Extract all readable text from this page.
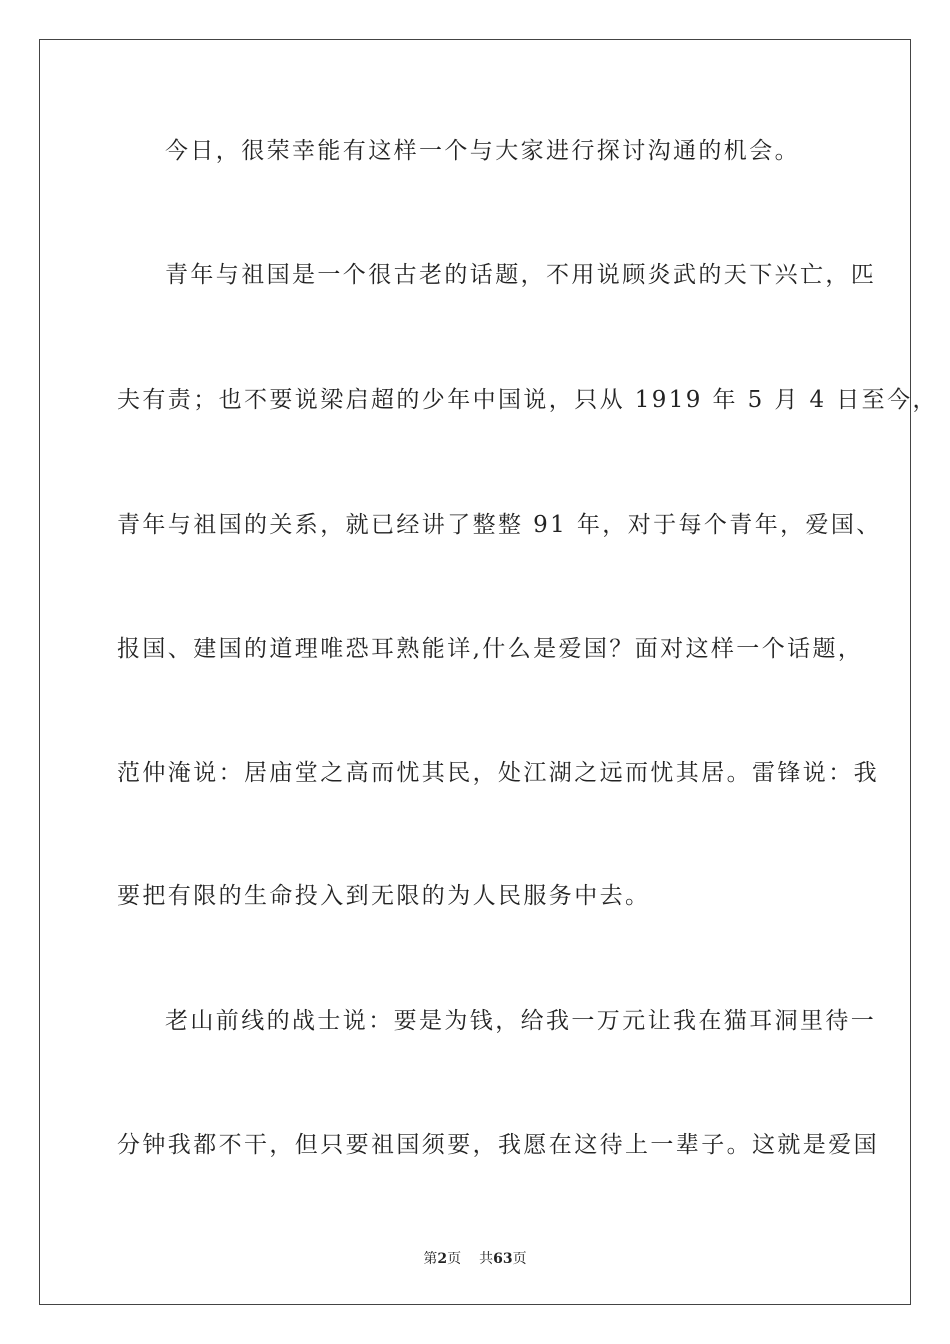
今日，很荣幸能有这样一个与大家进行探讨沟通的机会。
青年与祖国是一个很古老的话题，不用说顾炎武的天下兴亡，匹
夫有责；也不要说梁启超的少年中国说，只从 1919 年 5 月 4 日至今，
青年与祖国的关系，就已经讲了整整 91 年，对于每个青年，爱国、
报国、建国的道理唯恐耳熟能详,什么是爱国？面对这样一个话题，
范仲淹说：居庙堂之高而忧其民，处江湖之远而忧其居。雷锋说：我
要把有限的生命投入到无限的为人民服务中去。
老山前线的战士说：要是为钱，给我一万元让我在猫耳洞里待一
分钟我都不干，但只要祖国须要，我愿在这待上一辈子。这就是爱国
第2页 共63页
